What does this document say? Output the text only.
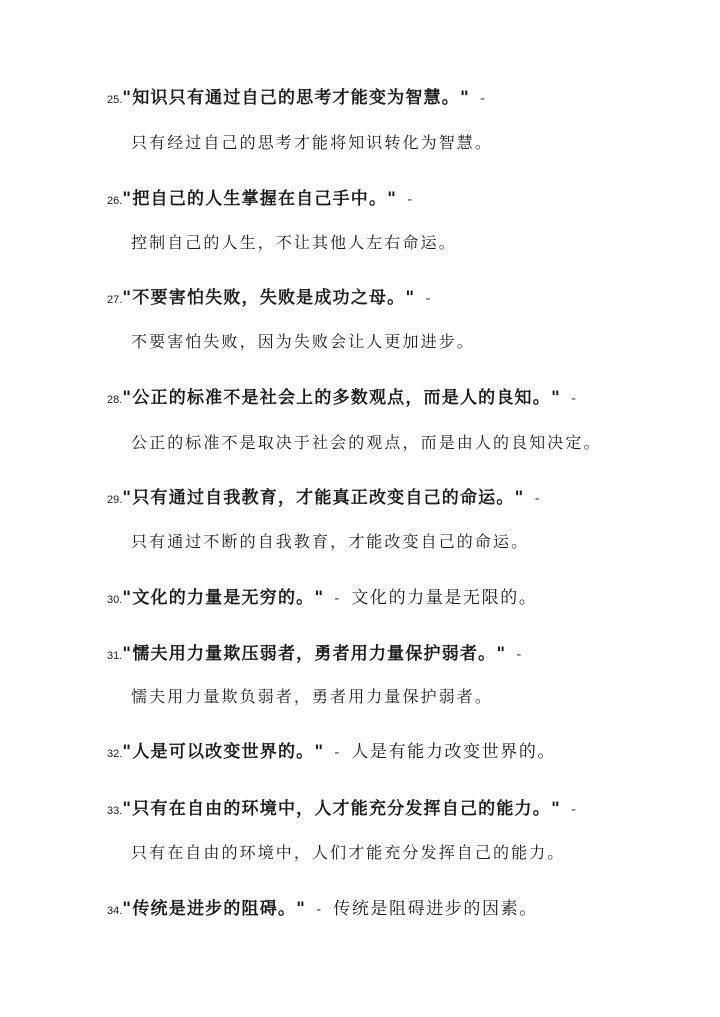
25."知识只有通过自己的思考才能变为智慧。" -
只有经过自己的思考才能将知识转化为智慧。
26."把自己的人生掌握在自己手中。" -
控制自己的人生，不让其他人左右命运。
27."不要害怕失败，失败是成功之母。" -
不要害怕失败，因为失败会让人更加进步。
28."公正的标准不是社会上的多数观点，而是人的良知。" -
公正的标准不是取决于社会的观点，而是由人的良知决定。
29."只有通过自我教育，才能真正改变自己的命运。" -
只有通过不断的自我教育，才能改变自己的命运。
30."文化的力量是无穷的。" - 文化的力量是无限的。
31."懦夫用力量欺压弱者，勇者用力量保护弱者。" -
懦夫用力量欺负弱者，勇者用力量保护弱者。
32."人是可以改变世界的。" - 人是有能力改变世界的。
33."只有在自由的环境中，人才能充分发挥自己的能力。" -
只有在自由的环境中，人们才能充分发挥自己的能力。
34."传统是进步的阻碍。" - 传统是阻碍进步的因素。
